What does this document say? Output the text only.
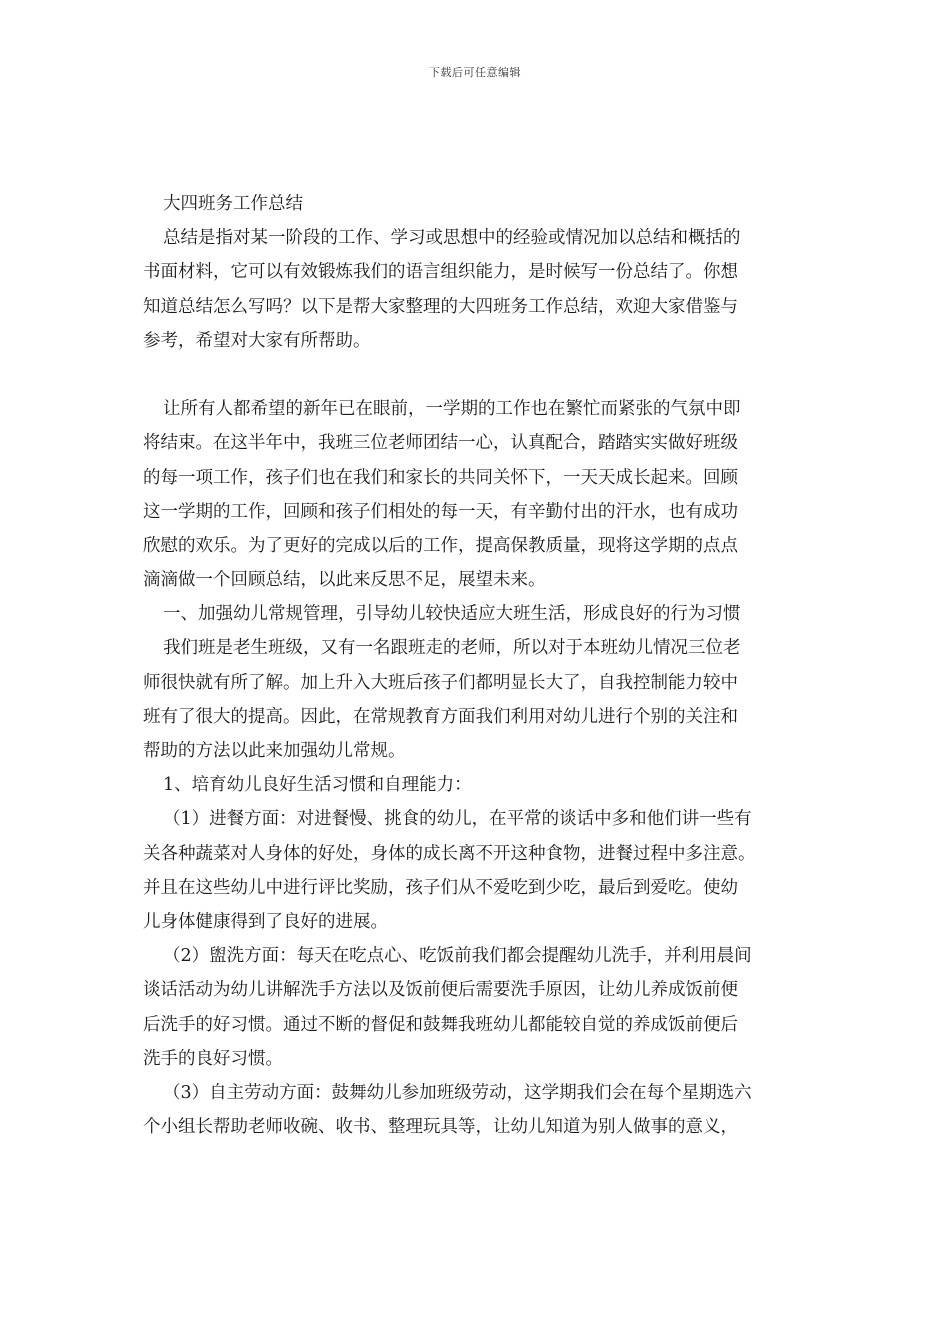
下载后可任意编辑
大四班务工作总结
总结是指对某一阶段的工作、学习或思想中的经验或情况加以总结和概括的
书面材料，它可以有效锻炼我们的语言组织能力，是时候写一份总结了。你想
知道总结怎么写吗？以下是帮大家整理的大四班务工作总结，欢迎大家借鉴与
参考，希望对大家有所帮助。
让所有人都希望的新年已在眼前，一学期的工作也在繁忙而紧张的气氛中即
将结束。在这半年中，我班三位老师团结一心，认真配合，踏踏实实做好班级
的每一项工作，孩子们也在我们和家长的共同关怀下，一天天成长起来。回顾
这一学期的工作，回顾和孩子们相处的每一天，有辛勤付出的汗水，也有成功
欣慰的欢乐。为了更好的完成以后的工作，提高保教质量，现将这学期的点点
滴滴做一个回顾总结，以此来反思不足，展望未来。
一、加强幼儿常规管理，引导幼儿较快适应大班生活，形成良好的行为习惯
我们班是老生班级，又有一名跟班走的老师，所以对于本班幼儿情况三位老
师很快就有所了解。加上升入大班后孩子们都明显长大了，自我控制能力较中
班有了很大的提高。因此，在常规教育方面我们利用对幼儿进行个别的关注和
帮助的方法以此来加强幼儿常规。
1、培育幼儿良好生活习惯和自理能力：
（1）进餐方面：对进餐慢、挑食的幼儿，在平常的谈话中多和他们讲一些有
关各种蔬菜对人身体的好处，身体的成长离不开这种食物，进餐过程中多注意。
并且在这些幼儿中进行评比奖励，孩子们从不爱吃到少吃，最后到爱吃。使幼
儿身体健康得到了良好的进展。
（2）盥洗方面：每天在吃点心、吃饭前我们都会提醒幼儿洗手，并利用晨间
谈话活动为幼儿讲解洗手方法以及饭前便后需要洗手原因，让幼儿养成饭前便
后洗手的好习惯。通过不断的督促和鼓舞我班幼儿都能较自觉的养成饭前便后
洗手的良好习惯。
（3）自主劳动方面：鼓舞幼儿参加班级劳动，这学期我们会在每个星期选六
个小组长帮助老师收碗、收书、整理玩具等，让幼儿知道为别人做事的意义，
